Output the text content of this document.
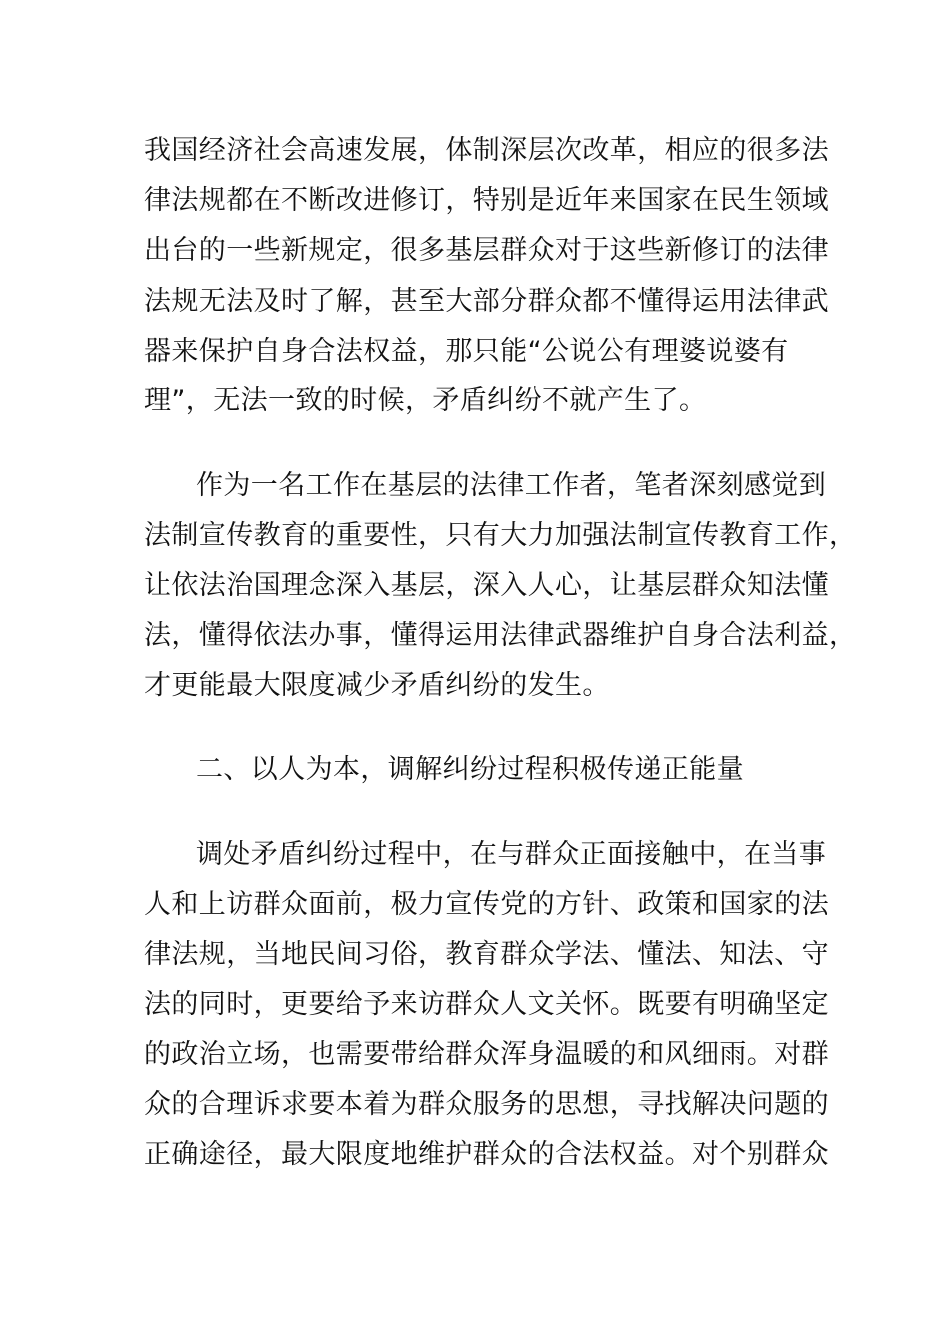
我国经济社会高速发展，体制深层次改革，相应的很多法
律法规都在不断改进修订，特别是近年来国家在民生领域
出台的一些新规定，很多基层群众对于这些新修订的法律
法规无法及时了解，甚至大部分群众都不懂得运用法律武
器来保护自身合法权益，那只能“公说公有理婆说婆有
理”，无法一致的时候，矛盾纠纷不就产生了。
作为一名工作在基层的法律工作者，笔者深刻感觉到
法制宣传教育的重要性，只有大力加强法制宣传教育工作，
让依法治国理念深入基层，深入人心，让基层群众知法懂
法，懂得依法办事，懂得运用法律武器维护自身合法利益，
才更能最大限度减少矛盾纠纷的发生。
二、以人为本，调解纠纷过程积极传递正能量
调处矛盾纠纷过程中，在与群众正面接触中，在当事
人和上访群众面前，极力宣传党的方针、政策和国家的法
律法规，当地民间习俗，教育群众学法、懂法、知法、守
法的同时，更要给予来访群众人文关怀。既要有明确坚定
的政治立场，也需要带给群众浑身温暖的和风细雨。对群
众的合理诉求要本着为群众服务的思想，寻找解决问题的
正确途径，最大限度地维护群众的合法权益。对个别群众
